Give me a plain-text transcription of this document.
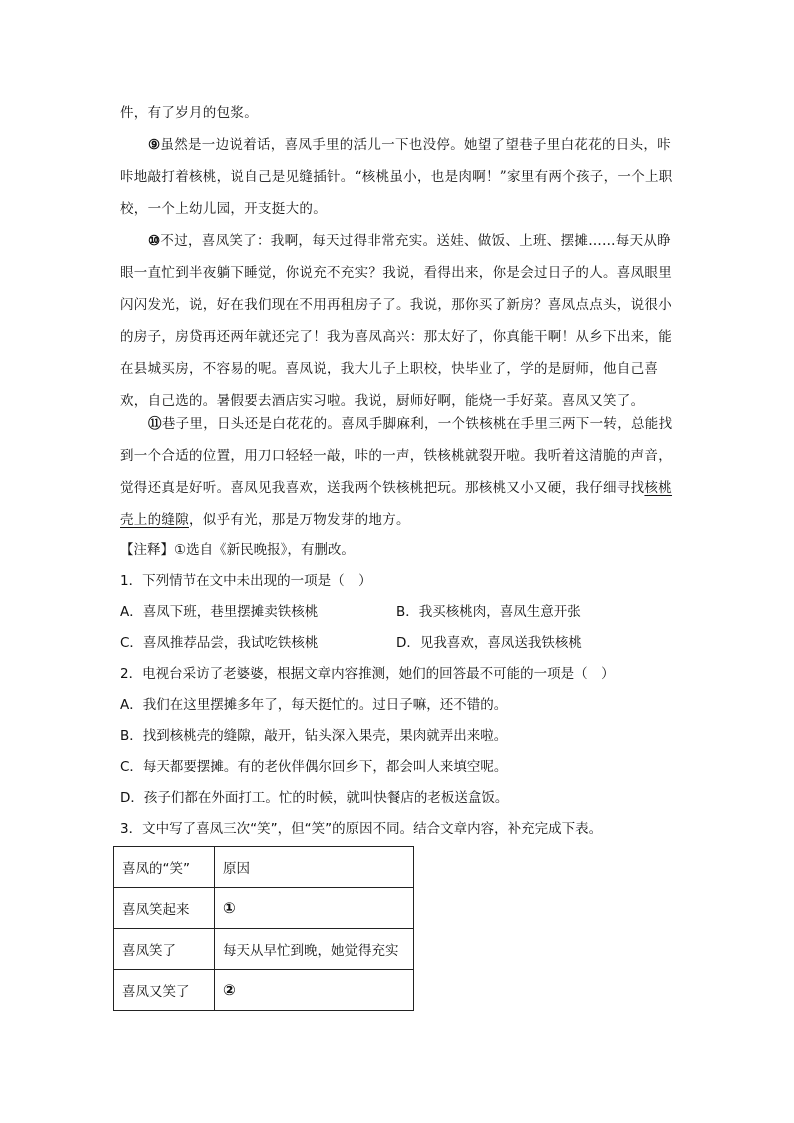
件，有了岁月的包浆。

⑨虽然是一边说着话，喜凤手里的活儿一下也没停。她望了望巷子里白花花的日头，咔咔地敲打着核桃，说自己是见缝插针。“核桃虽小，也是肉啊！”家里有两个孩子，一个上职校，一个上幼儿园，开支挺大的。

⑩不过，喜凤笑了：我啊，每天过得非常充实。送娃、做饭、上班、摆摊……每天从睁眼一直忙到半夜躺下睡觉，你说充不充实？我说，看得出来，你是会过日子的人。喜凤眼里闪闪发光，说，好在我们现在不用再租房子了。我说，那你买了新房？喜凤点点头，说很小的房子，房贷再还两年就还完了！我为喜凤高兴：那太好了，你真能干啊！从乡下出来，能在县城买房，不容易的呢。喜凤说，我大儿子上职校，快毕业了，学的是厨师，他自己喜欢，自己选的。暑假要去酒店实习啦。我说，厨师好啊，能烧一手好菜。喜凤又笑了。

⑪巷子里，日头还是白花花的。喜凤手脚麻利，一个铁核桃在手里三两下一转，总能找到一个合适的位置，用刀口轻轻一敲，咔的一声，铁核桃就裂开啦。我听着这清脆的声音，觉得还真是好听。喜凤见我喜欢，送我两个铁核桃把玩。那核桃又小又硬，我仔细寻找核桃壳上的缝隙，似乎有光，那是万物发芽的地方。

【注释】①选自《新民晚报》，有删改。

1．下列情节在文中未出现的一项是（　）

A．喜凤下班，巷里摆摊卖铁核桃	B．我买核桃肉，喜凤生意开张

C．喜凤推荐品尝，我试吃铁核桃	D．见我喜欢，喜凤送我铁核桃

2．电视台采访了老婆婆，根据文章内容推测，她们的回答最不可能的一项是（　）

A．我们在这里摆摊多年了，每天挺忙的。过日子嘛，还不错的。

B．找到核桃壳的缝隙，敲开，钻头深入果壳，果肉就弄出来啦。

C．每天都要摆摊。有的老伙伴偶尔回乡下，都会叫人来填空呢。

D．孩子们都在外面打工。忙的时候，就叫快餐店的老板送盒饭。

3．文中写了喜凤三次“笑”，但“笑”的原因不同。结合文章内容，补充完成下表。

喜凤的“笑”	原因
喜凤笑起来	①
喜凤笑了	每天从早忙到晚，她觉得充实
喜凤又笑了	②
